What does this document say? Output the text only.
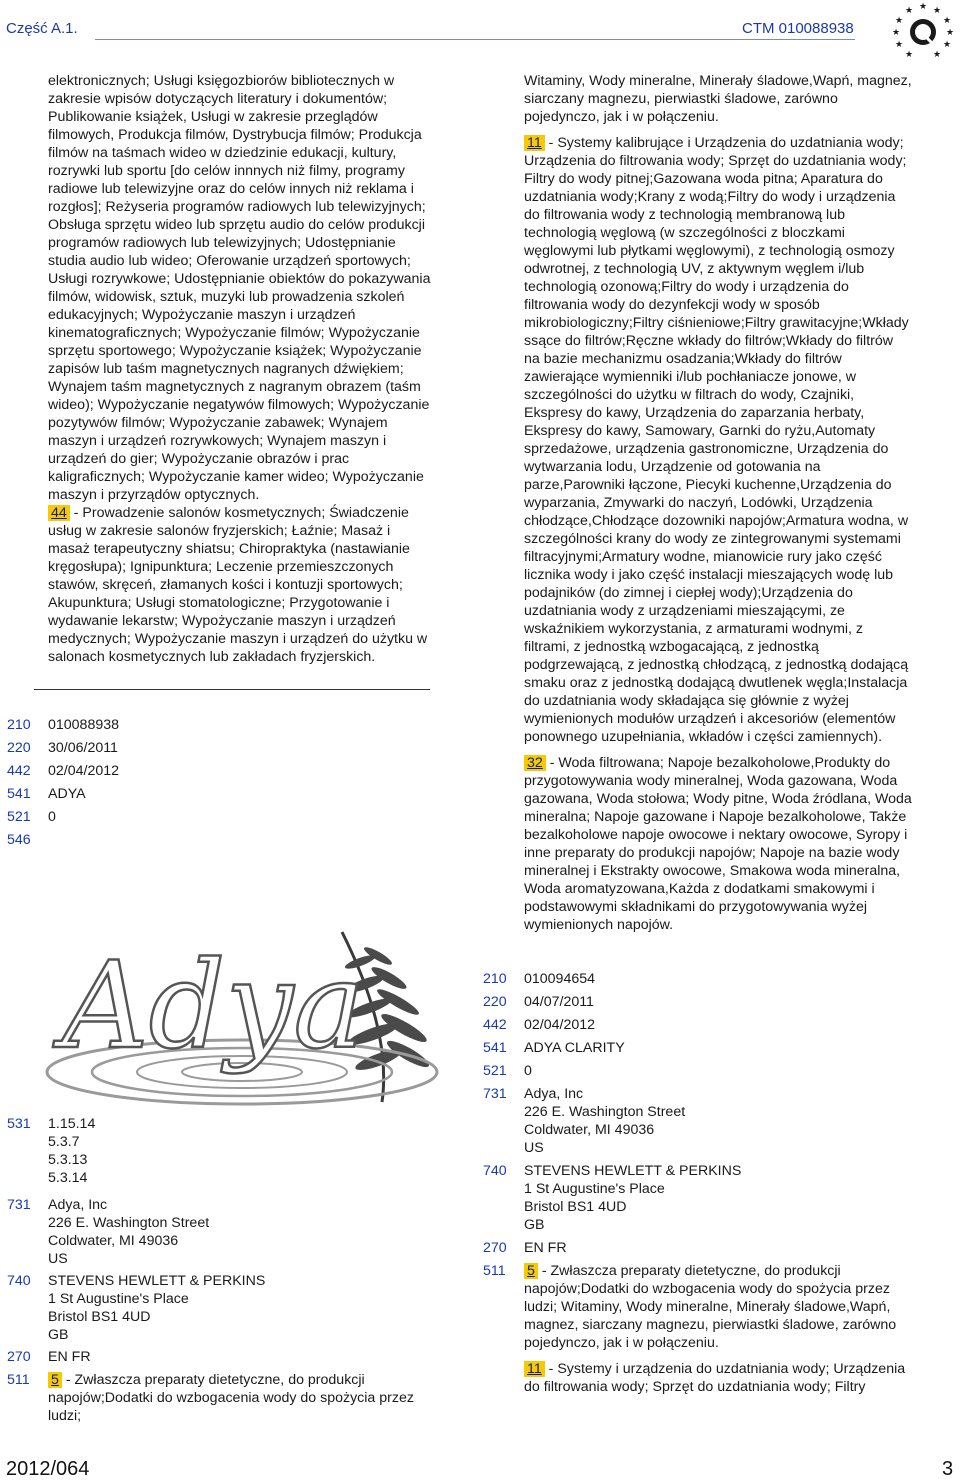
Część A.1.	CTM 010088938
★ ★
★
★
★
★
★
★
★
★
★

elektronicznych; Usługi księgozbiorów bibliotecznych w zakresie wpisów dotyczących literatury i dokumentów; Publikowanie książek, Usługi w zakresie przeglądów filmowych, Produkcja filmów, Dystrybucja filmów; Produkcja filmów na taśmach wideo w dziedzinie edukacji, kultury, rozrywki lub sportu [do celów innnych niż filmy, programy radiowe lub telewizyjne oraz do celów innych niż reklama i rozgłos]; Reżyseria programów radiowych lub telewizyjnych; Obsługa sprzętu wideo lub sprzętu audio do celów produkcji programów radiowych lub telewizyjnych; Udostępnianie studia audio lub wideo; Oferowanie urządzeń sportowych; Usługi rozrywkowe; Udostępnianie obiektów do pokazywania filmów, widowisk, sztuk, muzyki lub prowadzenia szkoleń edukacyjnych; Wypożyczanie maszyn i urządzeń kinematograficznych; Wypożyczanie filmów; Wypożyczanie sprzętu sportowego; Wypożyczanie książek; Wypożyczanie zapisów lub taśm magnetycznych nagranych dźwiękiem; Wynajem taśm magnetycznych z nagranym obrazem (taśm wideo); Wypożyczanie negatywów filmowych; Wypożyczanie pozytywów filmów; Wypożyczanie zabawek; Wynajem maszyn i urządzeń rozrywkowych; Wynajem maszyn i urządzeń do gier; Wypożyczanie obrazów i prac kaligraficznych; Wypożyczanie kamer wideo; Wypożyczanie maszyn i przyrządów optycznych.

44 - Prowadzenie salonów kosmetycznych; Świadczenie usług w zakresie salonów fryzjerskich; Łaźnie; Masaż i masaż terapeutyczny shiatsu; Chiropraktyka (nastawianie kręgosłupa); Ignipunktura; Leczenie przemieszczonych stawów, skręceń, złamanych kości i kontuzji sportowych; Akupunktura; Usługi stomatologiczne; Przygotowanie i wydawanie lekarstw; Wypożyczanie maszyn i urządzeń medycznych; Wypożyczanie maszyn i urządzeń do użytku w salonach kosmetycznych lub zakładach fryzjerskich.

210 010088938
220 30/06/2011
442 02/04/2012
541 ADYA
521 0
546
Adya
531 1.15.14
5.3.7
5.3.13
5.3.14
731 Adya, Inc
226 E. Washington Street
Coldwater, MI 49036
US
740 STEVENS HEWLETT & PERKINS
1 St Augustine's Place
Bristol BS1 4UD
GB
270 EN FR
511 5 - Zwłaszcza preparaty dietetyczne, do produkcji napojów;Dodatki do wzbogacenia wody do spożycia przez ludzi;

Witaminy, Wody mineralne, Minerały śladowe,Wapń, magnez, siarczany magnezu, pierwiastki śladowe, zarówno pojedynczo, jak i w połączeniu.

11 - Systemy kalibrujące i Urządzenia do uzdatniania wody; Urządzenia do filtrowania wody; Sprzęt do uzdatniania wody; Filtry do wody pitnej;Gazowana woda pitna; Aparatura do uzdatniania wody;Krany z wodą;Filtry do wody i urządzenia do filtrowania wody z technologią membranową lub technologią węglową (w szczególności z bloczkami węglowymi lub płytkami węglowymi), z technologią osmozy odwrotnej, z technologią UV, z aktywnym węglem i/lub technologią ozonową;Filtry do wody i urządzenia do filtrowania wody do dezynfekcji wody w sposób mikrobiologiczny;Filtry ciśnieniowe;Filtry grawitacyjne;Wkłady ssące do filtrów;Ręczne wkłady do filtrów;Wkłady do filtrów na bazie mechanizmu osadzania;Wkłady do filtrów zawierające wymienniki i/lub pochłaniacze jonowe, w szczególności do użytku w filtrach do wody, Czajniki, Ekspresy do kawy, Urządzenia do zaparzania herbaty, Ekspresy do kawy, Samowary, Garnki do ryżu,Automaty sprzedażowe, urządzenia gastronomiczne, Urządzenia do wytwarzania lodu, Urządzenie od gotowania na parze,Parowniki łączone, Piecyki kuchenne,Urządzenia do wyparzania, Zmywarki do naczyń, Lodówki, Urządzenia chłodzące,Chłodzące dozowniki napojów;Armatura wodna, w szczególności krany do wody ze zintegrowanymi systemami filtracyjnymi;Armatury wodne, mianowicie rury jako część licznika wody i jako część instalacji mieszających wodę lub podajników (do zimnej i ciepłej wody);Urządzenia do uzdatniania wody z urządzeniami mieszającymi, ze wskaźnikiem wykorzystania, z armaturami wodnymi, z filtrami, z jednostką wzbogacającą, z jednostką podgrzewającą, z jednostką chłodzącą, z jednostką dodającą smaku oraz z jednostką dodającą dwutlenek węgla;Instalacja do uzdatniania wody składająca się głównie z wyżej wymienionych modułów urządzeń i akcesoriów (elementów ponownego uzupełniania, wkładów i części zamiennych).

32 - Woda filtrowana; Napoje bezalkoholowe,Produkty do przygotowywania wody mineralnej, Woda gazowana, Woda gazowana, Woda stołowa; Wody pitne, Woda źródlana, Woda mineralna; Napoje gazowane i Napoje bezalkoholowe, Także bezalkoholowe napoje owocowe i nektary owocowe, Syropy i inne preparaty do produkcji napojów; Napoje na bazie wody mineralnej i Ekstrakty owocowe, Smakowa woda mineralna, Woda aromatyzowana,Każda z dodatkami smakowymi i podstawowymi składnikami do przygotowywania wyżej wymienionych napojów.

210 010094654
220 04/07/2011
442 02/04/2012
541 ADYA CLARITY
521 0
731 Adya, Inc
226 E. Washington Street
Coldwater, MI 49036
US
740 STEVENS HEWLETT & PERKINS
1 St Augustine's Place
Bristol BS1 4UD
GB
270 EN FR
511 5 - Zwłaszcza preparaty dietetyczne, do produkcji napojów;Dodatki do wzbogacenia wody do spożycia przez ludzi; Witaminy, Wody mineralne, Minerały śladowe,Wapń, magnez, siarczany magnezu, pierwiastki śladowe, zarówno pojedynczo, jak i w połączeniu.
11 - Systemy i urządzenia do uzdatniania wody; Urządzenia do filtrowania wody; Sprzęt do uzdatniania wody; Filtry
2012/064	3
